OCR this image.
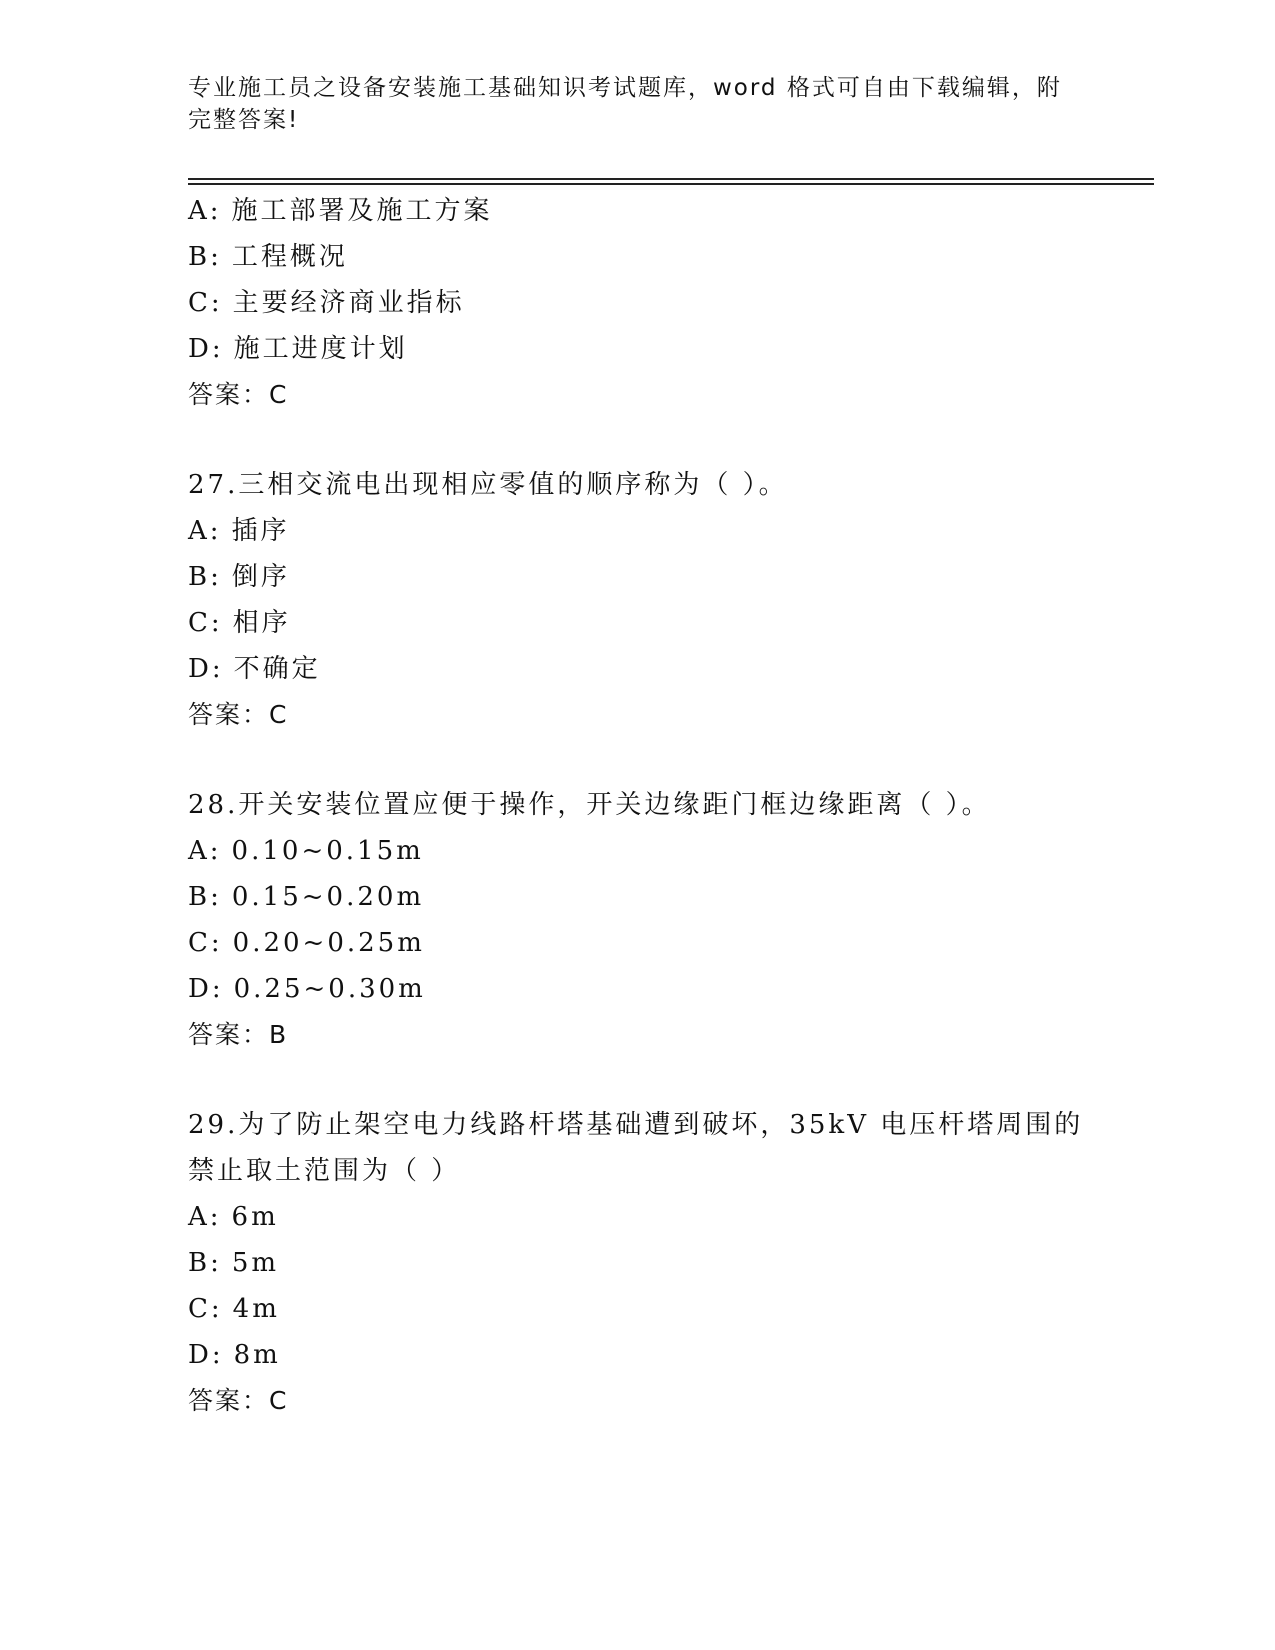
专业施工员之设备安装施工基础知识考试题库，word 格式可自由下载编辑，附完整答案!
A: 施工部署及施工方案
B: 工程概况
C: 主要经济商业指标
D: 施工进度计划
答案：C
27.三相交流电出现相应零值的顺序称为（ ）。
A: 插序
B: 倒序
C: 相序
D: 不确定
答案：C
28.开关安装位置应便于操作，开关边缘距门框边缘距离（ ）。
A: 0.10~0.15m
B: 0.15~0.20m
C: 0.20~0.25m
D: 0.25~0.30m
答案：B
29.为了防止架空电力线路杆塔基础遭到破坏，35kV 电压杆塔周围的禁止取土范围为（ ）
A: 6m
B: 5m
C: 4m
D: 8m
答案：C
